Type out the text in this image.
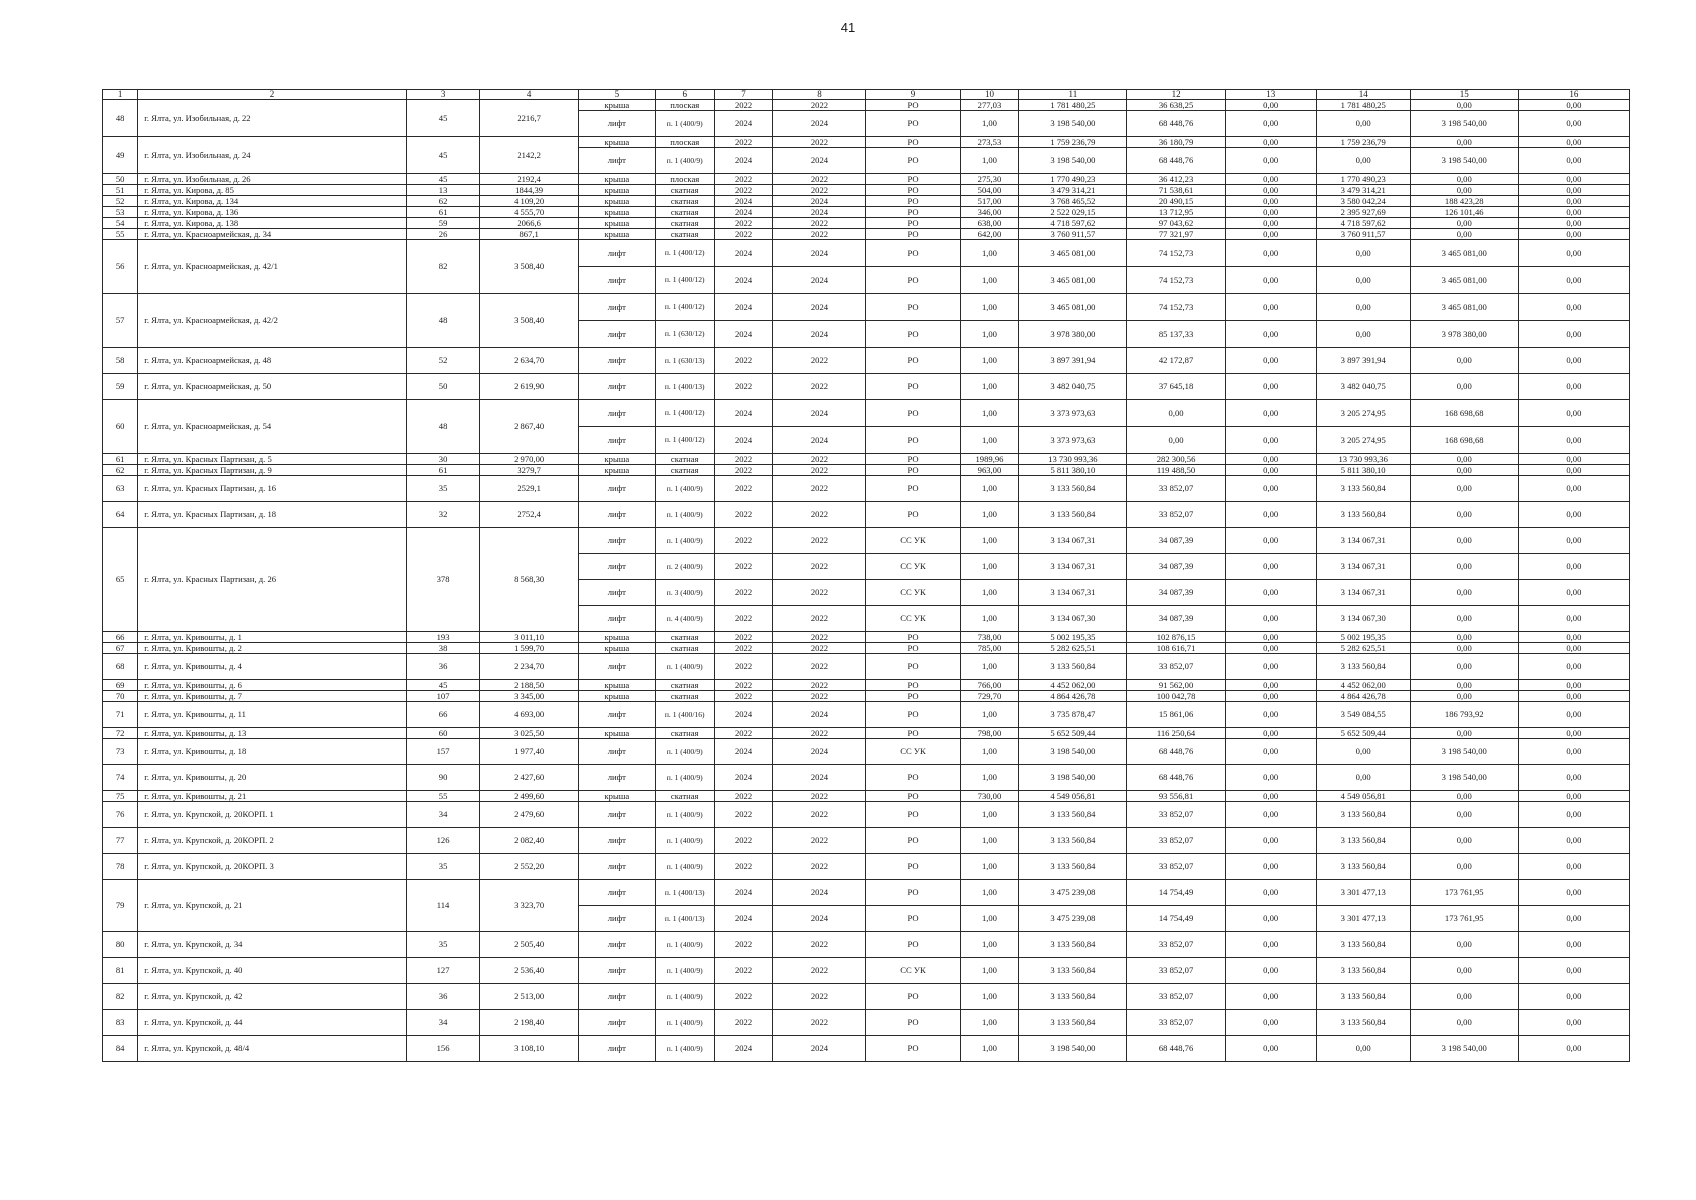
41
1	2	3	4	5	6	7	8	9	10	11	12	13	14	15	16
48	г. Ялта, ул. Изобильная, д. 22	45	2216,7	крыша	плоская	2022	2022	РО	277,03	1 781 480,25	36 638,25	0,00	1 781 480,25	0,00	0,00
				лифт	п. 1 (400/9)	2024	2024	РО	1,00	3 198 540,00	68 448,76	0,00	0,00	3 198 540,00	0,00
49	г. Ялта, ул. Изобильная, д. 24	45	2142,2	крыша	плоская	2022	2022	РО	273,53	1 759 236,79	36 180,79	0,00	1 759 236,79	0,00	0,00
				лифт	п. 1 (400/9)	2024	2024	РО	1,00	3 198 540,00	68 448,76	0,00	0,00	3 198 540,00	0,00
50	г. Ялта, ул. Изобильная, д. 26	45	2192,4	крыша	плоская	2022	2022	РО	275,30	1 770 490,23	36 412,23	0,00	1 770 490,23	0,00	0,00
51	г. Ялта, ул. Кирова, д. 85	13	1844,39	крыша	скатная	2022	2022	РО	504,00	3 479 314,21	71 538,61	0,00	3 479 314,21	0,00	0,00
52	г. Ялта, ул. Кирова, д. 134	62	4 109,20	крыша	скатная	2024	2024	РО	517,00	3 768 465,52	20 490,15	0,00	3 580 042,24	188 423,28	0,00
53	г. Ялта, ул. Кирова, д. 136	61	4 555,70	крыша	скатная	2024	2024	РО	346,00	2 522 029,15	13 712,95	0,00	2 395 927,69	126 101,46	0,00
54	г. Ялта, ул. Кирова, д. 138	59	2066,6	крыша	скатная	2022	2022	РО	638,00	4 718 597,62	97 043,62	0,00	4 718 597,62	0,00	0,00
55	г. Ялта, ул. Красноармейская, д. 34	26	867,1	крыша	скатная	2022	2022	РО	642,00	3 760 911,57	77 321,97	0,00	3 760 911,57	0,00	0,00
56	г. Ялта, ул. Красноармейская, д. 42/1	82	3 508,40	лифт	п. 1 (400/12)	2024	2024	РО	1,00	3 465 081,00	74 152,73	0,00	0,00	3 465 081,00	0,00
				лифт	п. 1 (400/12)	2024	2024	РО	1,00	3 465 081,00	74 152,73	0,00	0,00	3 465 081,00	0,00
57	г. Ялта, ул. Красноармейская, д. 42/2	48	3 508,40	лифт	п. 1 (400/12)	2024	2024	РО	1,00	3 465 081,00	74 152,73	0,00	0,00	3 465 081,00	0,00
				лифт	п. 1 (630/12)	2024	2024	РО	1,00	3 978 380,00	85 137,33	0,00	0,00	3 978 380,00	0,00
58	г. Ялта, ул. Красноармейская, д. 48	52	2 634,70	лифт	п. 1 (630/13)	2022	2022	РО	1,00	3 897 391,94	42 172,87	0,00	3 897 391,94	0,00	0,00
59	г. Ялта, ул. Красноармейская, д. 50	50	2 619,90	лифт	п. 1 (400/13)	2022	2022	РО	1,00	3 482 040,75	37 645,18	0,00	3 482 040,75	0,00	0,00
60	г. Ялта, ул. Красноармейская, д. 54	48	2 867,40	лифт	п. 1 (400/12)	2024	2024	РО	1,00	3 373 973,63	0,00	0,00	3 205 274,95	168 698,68	0,00
				лифт	п. 1 (400/12)	2024	2024	РО	1,00	3 373 973,63	0,00	0,00	3 205 274,95	168 698,68	0,00
61	г. Ялта, ул. Красных Партизан, д. 5	30	2 970,00	крыша	скатная	2022	2022	РО	1989,96	13 730 993,36	282 300,56	0,00	13 730 993,36	0,00	0,00
62	г. Ялта, ул. Красных Партизан, д. 9	61	3279,7	крыша	скатная	2022	2022	РО	963,00	5 811 380,10	119 488,50	0,00	5 811 380,10	0,00	0,00
63	г. Ялта, ул. Красных Партизан, д. 16	35	2529,1	лифт	п. 1 (400/9)	2022	2022	РО	1,00	3 133 560,84	33 852,07	0,00	3 133 560,84	0,00	0,00
64	г. Ялта, ул. Красных Партизан, д. 18	32	2752,4	лифт	п. 1 (400/9)	2022	2022	РО	1,00	3 133 560,84	33 852,07	0,00	3 133 560,84	0,00	0,00
65	г. Ялта, ул. Красных Партизан, д. 26	378	8 568,30	лифт	п. 1 (400/9)	2022	2022	СС УК	1,00	3 134 067,31	34 087,39	0,00	3 134 067,31	0,00	0,00
				лифт	п. 2 (400/9)	2022	2022	СС УК	1,00	3 134 067,31	34 087,39	0,00	3 134 067,31	0,00	0,00
				лифт	п. 3 (400/9)	2022	2022	СС УК	1,00	3 134 067,31	34 087,39	0,00	3 134 067,31	0,00	0,00
				лифт	п. 4 (400/9)	2022	2022	СС УК	1,00	3 134 067,30	34 087,39	0,00	3 134 067,30	0,00	0,00
66	г. Ялта, ул. Кривошты, д. 1	193	3 011,10	крыша	скатная	2022	2022	РО	738,00	5 002 195,35	102 876,15	0,00	5 002 195,35	0,00	0,00
67	г. Ялта, ул. Кривошты, д. 2	38	1 599,70	крыша	скатная	2022	2022	РО	785,00	5 282 625,51	108 616,71	0,00	5 282 625,51	0,00	0,00
68	г. Ялта, ул. Кривошты, д. 4	36	2 234,70	лифт	п. 1 (400/9)	2022	2022	РО	1,00	3 133 560,84	33 852,07	0,00	3 133 560,84	0,00	0,00
69	г. Ялта, ул. Кривошты, д. 6	45	2 188,50	крыша	скатная	2022	2022	РО	766,00	4 452 062,00	91 562,00	0,00	4 452 062,00	0,00	0,00
70	г. Ялта, ул. Кривошты, д. 7	107	3 345,00	крыша	скатная	2022	2022	РО	729,70	4 864 426,78	100 042,78	0,00	4 864 426,78	0,00	0,00
71	г. Ялта, ул. Кривошты, д. 11	66	4 693,00	лифт	п. 1 (400/16)	2024	2024	РО	1,00	3 735 878,47	15 861,06	0,00	3 549 084,55	186 793,92	0,00
72	г. Ялта, ул. Кривошты, д. 13	60	3 025,50	крыша	скатная	2022	2022	РО	798,00	5 652 509,44	116 250,64	0,00	5 652 509,44	0,00	0,00
73	г. Ялта, ул. Кривошты, д. 18	157	1 977,40	лифт	п. 1 (400/9)	2024	2024	СС УК	1,00	3 198 540,00	68 448,76	0,00	0,00	3 198 540,00	0,00
74	г. Ялта, ул. Кривошты, д. 20	90	2 427,60	лифт	п. 1 (400/9)	2024	2024	РО	1,00	3 198 540,00	68 448,76	0,00	0,00	3 198 540,00	0,00
75	г. Ялта, ул. Кривошты, д. 21	55	2 499,60	крыша	скатная	2022	2022	РО	730,00	4 549 056,81	93 556,81	0,00	4 549 056,81	0,00	0,00
76	г. Ялта, ул. Крупской, д. 20КОРП. 1	34	2 479,60	лифт	п. 1 (400/9)	2022	2022	РО	1,00	3 133 560,84	33 852,07	0,00	3 133 560,84	0,00	0,00
77	г. Ялта, ул. Крупской, д. 20КОРП. 2	126	2 082,40	лифт	п. 1 (400/9)	2022	2022	РО	1,00	3 133 560,84	33 852,07	0,00	3 133 560,84	0,00	0,00
78	г. Ялта, ул. Крупской, д. 20КОРП. 3	35	2 552,20	лифт	п. 1 (400/9)	2022	2022	РО	1,00	3 133 560,84	33 852,07	0,00	3 133 560,84	0,00	0,00
79	г. Ялта, ул. Крупской, д. 21	114	3 323,70	лифт	п. 1 (400/13)	2024	2024	РО	1,00	3 475 239,08	14 754,49	0,00	3 301 477,13	173 761,95	0,00
				лифт	п. 1 (400/13)	2024	2024	РО	1,00	3 475 239,08	14 754,49	0,00	3 301 477,13	173 761,95	0,00
80	г. Ялта, ул. Крупской, д. 34	35	2 505,40	лифт	п. 1 (400/9)	2022	2022	РО	1,00	3 133 560,84	33 852,07	0,00	3 133 560,84	0,00	0,00
81	г. Ялта, ул. Крупской, д. 40	127	2 536,40	лифт	п. 1 (400/9)	2022	2022	СС УК	1,00	3 133 560,84	33 852,07	0,00	3 133 560,84	0,00	0,00
82	г. Ялта, ул. Крупской, д. 42	36	2 513,00	лифт	п. 1 (400/9)	2022	2022	РО	1,00	3 133 560,84	33 852,07	0,00	3 133 560,84	0,00	0,00
83	г. Ялта, ул. Крупской, д. 44	34	2 198,40	лифт	п. 1 (400/9)	2022	2022	РО	1,00	3 133 560,84	33 852,07	0,00	3 133 560,84	0,00	0,00
84	г. Ялта, ул. Крупской, д. 48/4	156	3 108,10	лифт	п. 1 (400/9)	2024	2024	РО	1,00	3 198 540,00	68 448,76	0,00	0,00	3 198 540,00	0,00
